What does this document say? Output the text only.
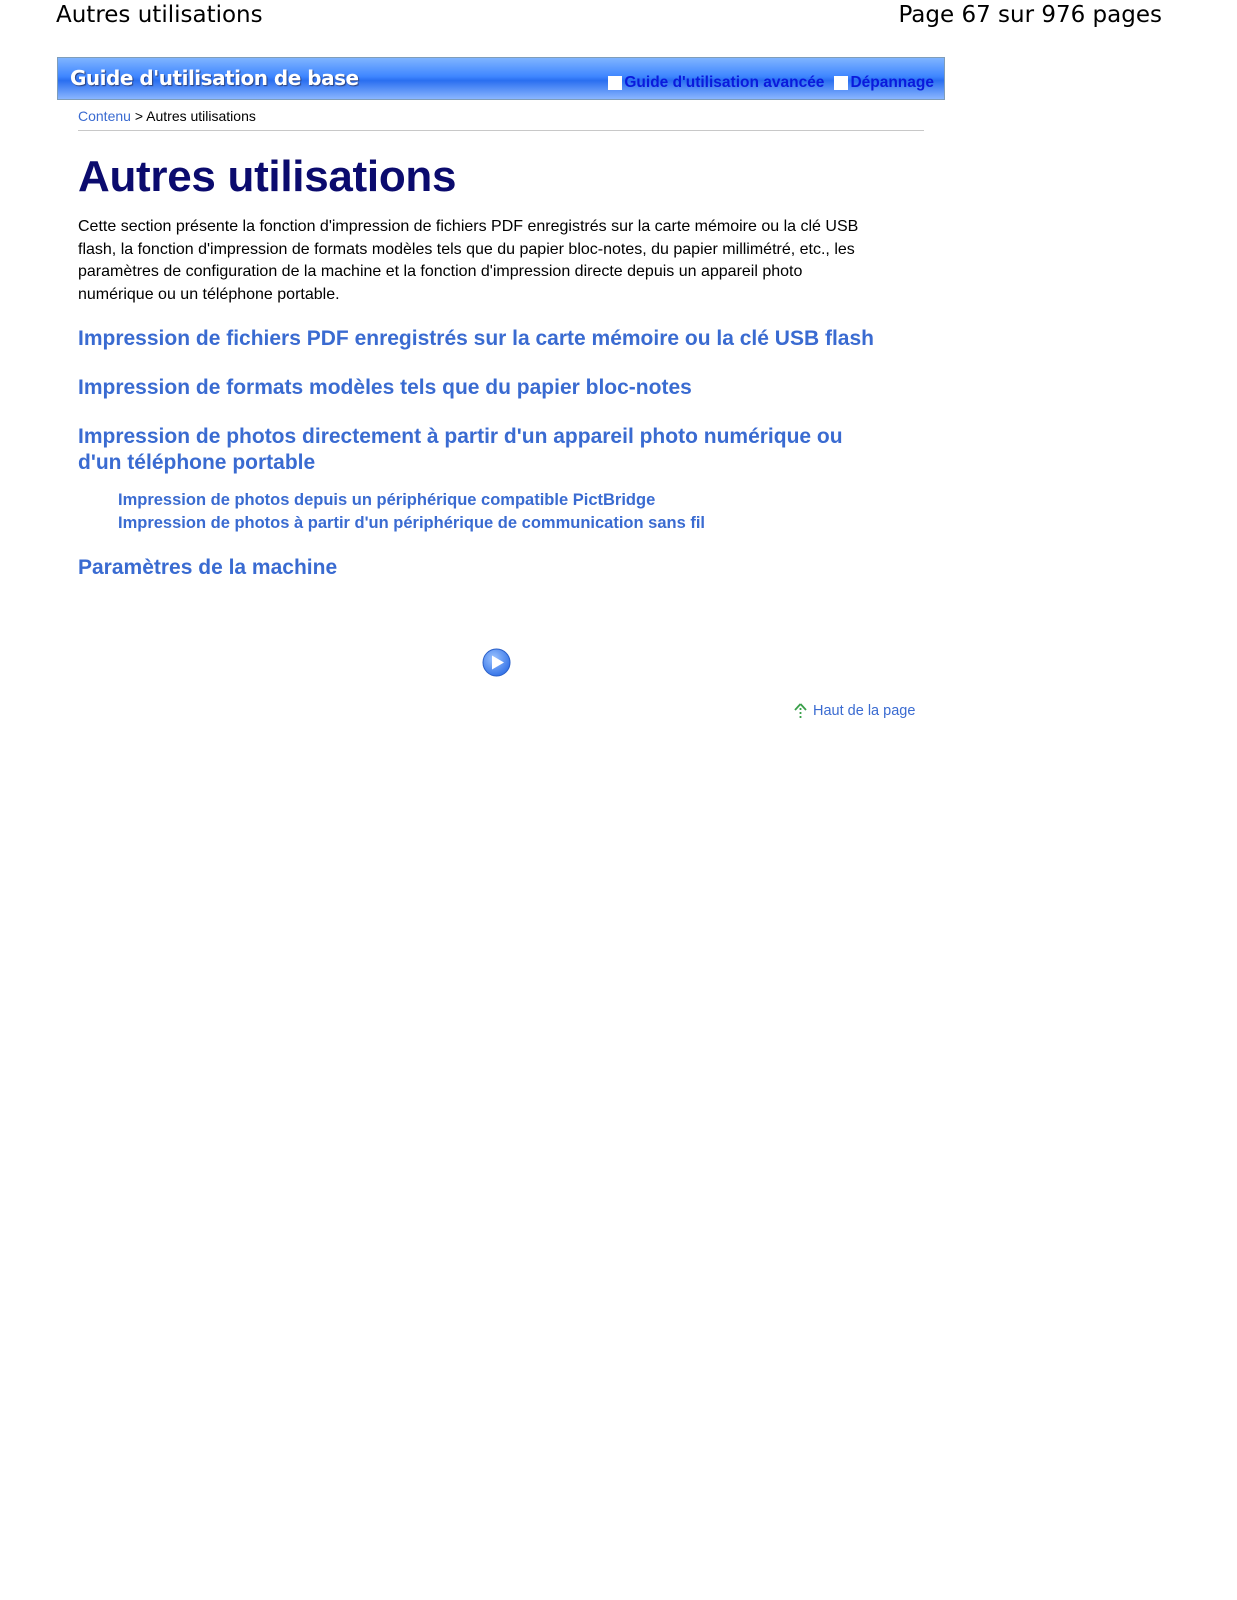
Autres utilisations	Page 67 sur 976 pages
Guide d'utilisation de base	Guide d'utilisation avancée Dépannage
Contenu > Autres utilisations
Autres utilisations

Cette section présente la fonction d'impression de fichiers PDF enregistrés sur la carte mémoire ou la clé USB flash, la fonction d'impression de formats modèles tels que du papier bloc-notes, du papier millimétré, etc., les paramètres de configuration de la machine et la fonction d'impression directe depuis un appareil photo numérique ou un téléphone portable.

Impression de fichiers PDF enregistrés sur la carte mémoire ou la clé USB flash
Impression de formats modèles tels que du papier bloc-notes
Impression de photos directement à partir d'un appareil photo numérique ou d'un téléphone portable
Impression de photos depuis un périphérique compatible PictBridge
Impression de photos à partir d'un périphérique de communication sans fil
Paramètres de la machine
Haut de la page
